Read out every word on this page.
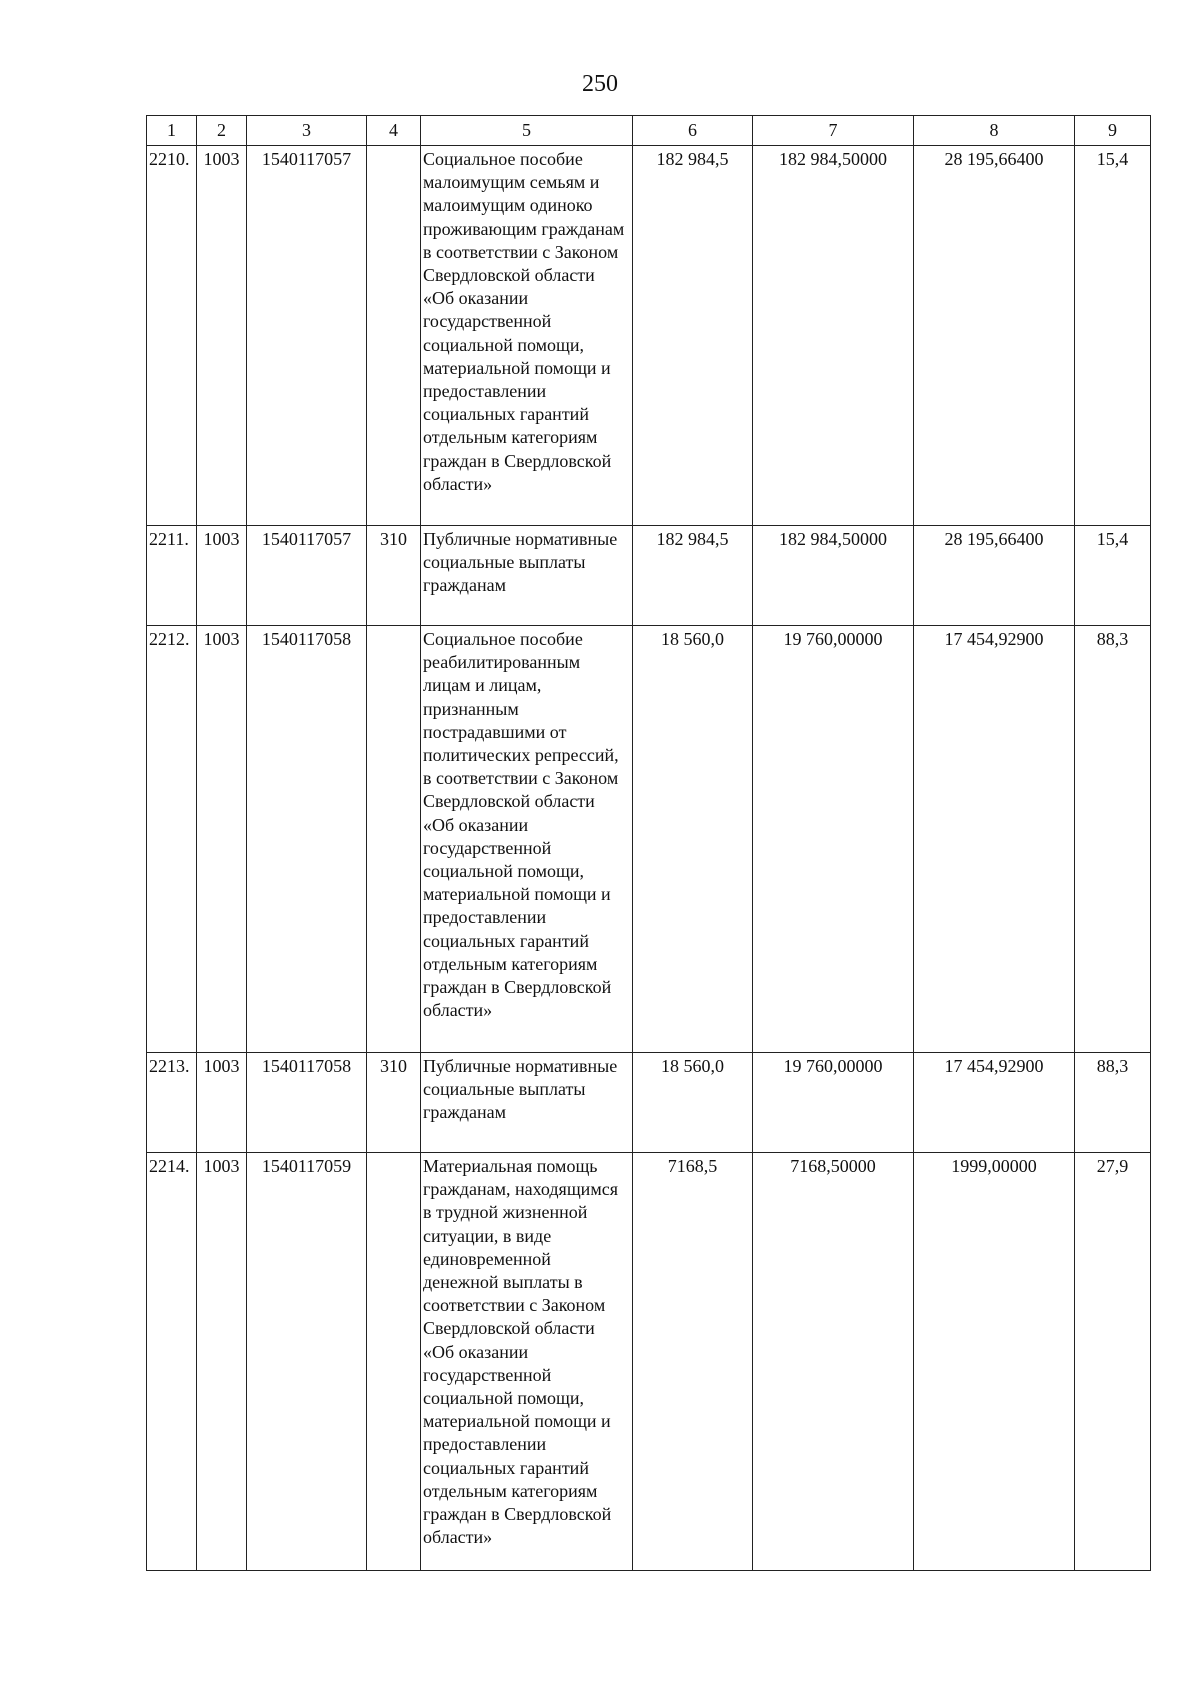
250
1	2	3	4	5	6	7	8	9
2210.	1003	1540117057		Социальное пособие малоимущим семьям и малоимущим одиноко проживающим гражданам в соответствии с Законом Свердловской области «Об оказании государственной социальной помощи, материальной помощи и предоставлении социальных гарантий отдельным категориям граждан в Свердловской области»	182 984,5	182 984,50000	28 195,66400	15,4
2211.	1003	1540117057	310	Публичные нормативные социальные выплаты гражданам	182 984,5	182 984,50000	28 195,66400	15,4
2212.	1003	1540117058		Социальное пособие реабилитированным лицам и лицам, признанным пострадавшими от политических репрессий, в соответствии с Законом Свердловской области «Об оказании государственной социальной помощи, материальной помощи и предоставлении социальных гарантий отдельным категориям граждан в Свердловской области»	18 560,0	19 760,00000	17 454,92900	88,3
2213.	1003	1540117058	310	Публичные нормативные социальные выплаты гражданам	18 560,0	19 760,00000	17 454,92900	88,3
2214.	1003	1540117059		Материальная помощь гражданам, находящимся в трудной жизненной ситуации, в виде единовременной денежной выплаты в соответствии с Законом Свердловской области «Об оказании государственной социальной помощи, материальной помощи и предоставлении социальных гарантий отдельным категориям граждан в Свердловской области»	7168,5	7168,50000	1999,00000	27,9
